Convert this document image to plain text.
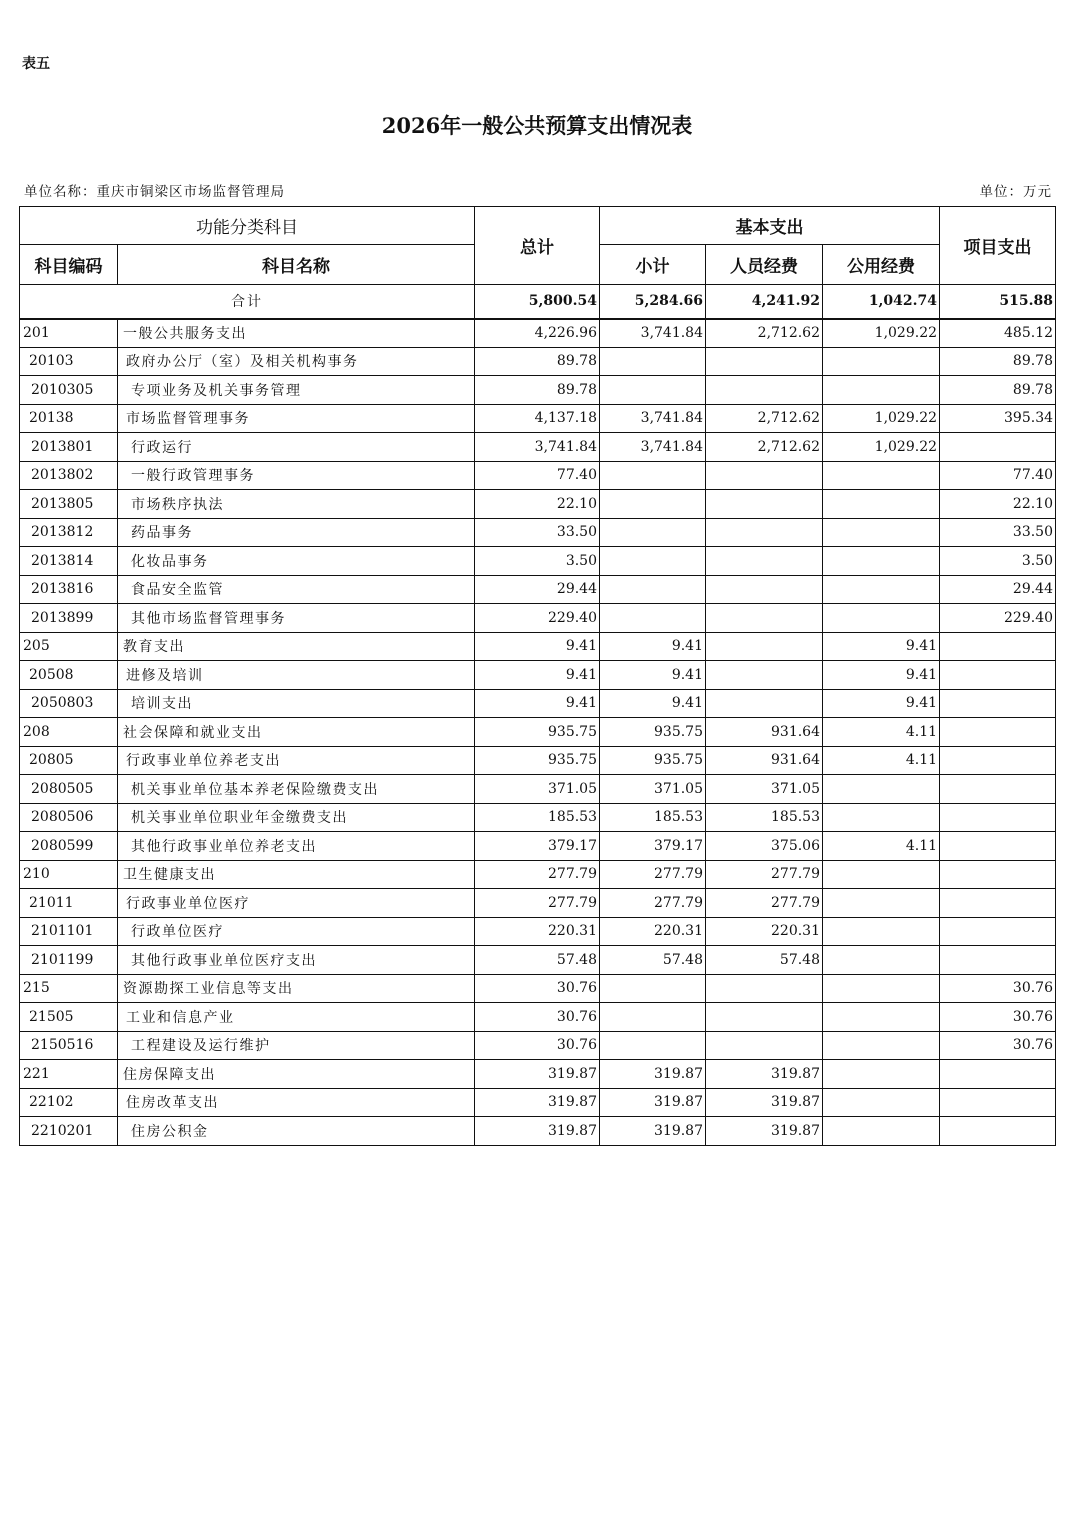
表五
2026年一般公共预算支出情况表
单位名称：重庆市铜梁区市场监督管理局	单位：万元
功能分类科目		总计	基本支出			项目支出
科目编码	科目名称		小计	人员经费	公用经费	
合计		5,800.54	5,284.66	4,241.92	1,042.74	515.88
201	一般公共服务支出	4,226.96	3,741.84	2,712.62	1,029.22	485.12
20103	政府办公厅（室）及相关机构事务	89.78				89.78
2010305	专项业务及机关事务管理	89.78				89.78
20138	市场监督管理事务	4,137.18	3,741.84	2,712.62	1,029.22	395.34
2013801	行政运行	3,741.84	3,741.84	2,712.62	1,029.22	
2013802	一般行政管理事务	77.40				77.40
2013805	市场秩序执法	22.10				22.10
2013812	药品事务	33.50				33.50
2013814	化妆品事务	3.50				3.50
2013816	食品安全监管	29.44				29.44
2013899	其他市场监督管理事务	229.40				229.40
205	教育支出	9.41	9.41		9.41	
20508	进修及培训	9.41	9.41		9.41	
2050803	培训支出	9.41	9.41		9.41	
208	社会保障和就业支出	935.75	935.75	931.64	4.11	
20805	行政事业单位养老支出	935.75	935.75	931.64	4.11	
2080505	机关事业单位基本养老保险缴费支出	371.05	371.05	371.05		
2080506	机关事业单位职业年金缴费支出	185.53	185.53	185.53		
2080599	其他行政事业单位养老支出	379.17	379.17	375.06	4.11	
210	卫生健康支出	277.79	277.79	277.79		
21011	行政事业单位医疗	277.79	277.79	277.79		
2101101	行政单位医疗	220.31	220.31	220.31		
2101199	其他行政事业单位医疗支出	57.48	57.48	57.48		
215	资源勘探工业信息等支出	30.76				30.76
21505	工业和信息产业	30.76				30.76
2150516	工程建设及运行维护	30.76				30.76
221	住房保障支出	319.87	319.87	319.87		
22102	住房改革支出	319.87	319.87	319.87		
2210201	住房公积金	319.87	319.87	319.87		
